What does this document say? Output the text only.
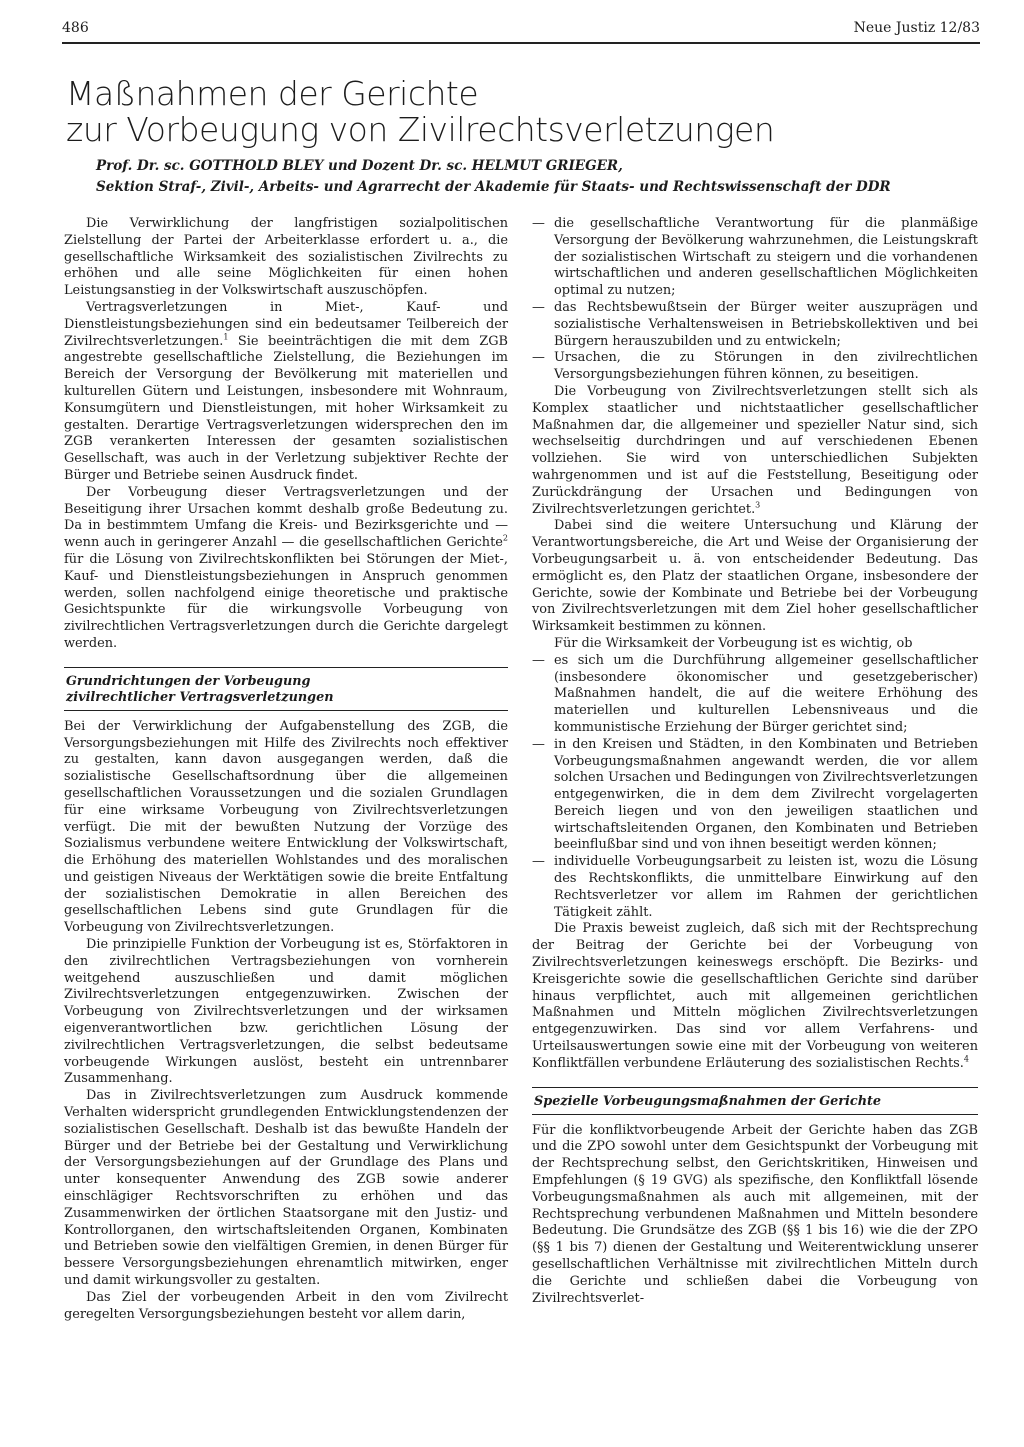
486	Neue Justiz 12/83
Maßnahmen der Gerichte
zur Vorbeugung von Zivilrechtsverletzungen
Prof. Dr. sc. GOTTHOLD BLEY und Dozent Dr. sc. HELMUT GRIEGER,
Sektion Straf-, Zivil-, Arbeits- und Agrarrecht der Akademie für Staats- und Rechtswissenschaft der DDR

Die Verwirklichung der langfristigen sozialpolitischen Zielstellung der Partei der Arbeiterklasse erfordert u. a., die gesellschaftliche Wirksamkeit des sozialistischen Zivilrechts zu erhöhen und alle seine Möglichkeiten für einen hohen Leistungsanstieg in der Volkswirtschaft auszuschöpfen.

Vertragsverletzungen in Miet-, Kauf- und Dienstleistungsbeziehungen sind ein bedeutsamer Teilbereich der Zivilrechtsverletzungen.$^1$ Sie beeinträchtigen die mit dem ZGB angestrebte gesellschaftliche Zielstellung, die Beziehungen im Bereich der Versorgung der Bevölkerung mit materiellen und kulturellen Gütern und Leistungen, insbesondere mit Wohnraum, Konsumgütern und Dienstleistungen, mit hoher Wirksamkeit zu gestalten. Derartige Vertragsverletzungen widersprechen den im ZGB verankerten Interessen der gesamten sozialistischen Gesellschaft, was auch in der Verletzung subjektiver Rechte der Bürger und Betriebe seinen Ausdruck findet.

Der Vorbeugung dieser Vertragsverletzungen und der Beseitigung ihrer Ursachen kommt deshalb große Bedeutung zu. Da in bestimmtem Umfang die Kreis- und Bezirksgerichte und — wenn auch in geringerer Anzahl — die gesellschaftlichen Gerichte$^2$ für die Lösung von Zivilrechtskonflikten bei Störungen der Miet-, Kauf- und Dienstleistungsbeziehungen in Anspruch genommen werden, sollen nachfolgend einige theoretische und praktische Gesichtspunkte für die wirkungsvolle Vorbeugung von zivilrechtlichen Vertragsverletzungen durch die Gerichte dargelegt werden.

Grundrichtungen der Vorbeugung
zivilrechtlicher Vertragsverletzungen

Bei der Verwirklichung der Aufgabenstellung des ZGB, die Versorgungsbeziehungen mit Hilfe des Zivilrechts noch effektiver zu gestalten, kann davon ausgegangen werden, daß die sozialistische Gesellschaftsordnung über die allgemeinen gesellschaftlichen Voraussetzungen und die sozialen Grundlagen für eine wirksame Vorbeugung von Zivilrechtsverletzungen verfügt. Die mit der bewußten Nutzung der Vorzüge des Sozialismus verbundene weitere Entwicklung der Volkswirtschaft, die Erhöhung des materiellen Wohlstandes und des moralischen und geistigen Niveaus der Werktätigen sowie die breite Entfaltung der sozialistischen Demokratie in allen Bereichen des gesellschaftlichen Lebens sind gute Grundlagen für die Vorbeugung von Zivilrechtsverletzungen.

Die prinzipielle Funktion der Vorbeugung ist es, Störfaktoren in den zivilrechtlichen Vertragsbeziehungen von vornherein weitgehend auszuschließen und damit möglichen Zivilrechtsverletzungen entgegenzuwirken. Zwischen der Vorbeugung von Zivilrechtsverletzungen und der wirksamen eigenverantwortlichen bzw. gerichtlichen Lösung der zivilrechtlichen Vertragsverletzungen, die selbst bedeutsame vorbeugende Wirkungen auslöst, besteht ein untrennbarer Zusammenhang.

Das in Zivilrechtsverletzungen zum Ausdruck kommende Verhalten widerspricht grundlegenden Entwicklungstendenzen der sozialistischen Gesellschaft. Deshalb ist das bewußte Handeln der Bürger und der Betriebe bei der Gestaltung und Verwirklichung der Versorgungsbeziehungen auf der Grundlage des Plans und unter konsequenter Anwendung des ZGB sowie anderer einschlägiger Rechtsvorschriften zu erhöhen und das Zusammenwirken der örtlichen Staatsorgane mit den Justiz- und Kontrollorganen, den wirtschaftsleitenden Organen, Kombinaten und Betrieben sowie den vielfältigen Gremien, in denen Bürger für bessere Versorgungsbeziehungen ehrenamtlich mitwirken, enger und damit wirkungsvoller zu gestalten.

Das Ziel der vorbeugenden Arbeit in den vom Zivilrecht geregelten Versorgungsbeziehungen besteht vor allem darin,

— die gesellschaftliche Verantwortung für die planmäßige Versorgung der Bevölkerung wahrzunehmen, die Leistungskraft der sozialistischen Wirtschaft zu steigern und die vorhandenen wirtschaftlichen und anderen gesellschaftlichen Möglichkeiten optimal zu nutzen;
— das Rechtsbewußtsein der Bürger weiter auszuprägen und sozialistische Verhaltensweisen in Betriebskollektiven und bei Bürgern herauszubilden und zu entwickeln;
— Ursachen, die zu Störungen in den zivilrechtlichen Versorgungsbeziehungen führen können, zu beseitigen.

Die Vorbeugung von Zivilrechtsverletzungen stellt sich als Komplex staatlicher und nichtstaatlicher gesellschaftlicher Maßnahmen dar, die allgemeiner und spezieller Natur sind, sich wechselseitig durchdringen und auf verschiedenen Ebenen vollziehen. Sie wird von unterschiedlichen Subjekten wahrgenommen und ist auf die Feststellung, Beseitigung oder Zurückdrängung der Ursachen und Bedingungen von Zivilrechtsverletzungen gerichtet.$^3$

Dabei sind die weitere Untersuchung und Klärung der Verantwortungsbereiche, die Art und Weise der Organisierung der Vorbeugungsarbeit u. ä. von entscheidender Bedeutung. Das ermöglicht es, den Platz der staatlichen Organe, insbesondere der Gerichte, sowie der Kombinate und Betriebe bei der Vorbeugung von Zivilrechtsverletzungen mit dem Ziel hoher gesellschaftlicher Wirksamkeit bestimmen zu können.

Für die Wirksamkeit der Vorbeugung ist es wichtig, ob

— es sich um die Durchführung allgemeiner gesellschaftlicher (insbesondere ökonomischer und gesetzgeberischer) Maßnahmen handelt, die auf die weitere Erhöhung des materiellen und kulturellen Lebensniveaus und die kommunistische Erziehung der Bürger gerichtet sind;
— in den Kreisen und Städten, in den Kombinaten und Betrieben Vorbeugungsmaßnahmen angewandt werden, die vor allem solchen Ursachen und Bedingungen von Zivilrechtsverletzungen entgegenwirken, die in dem dem Zivilrecht vorgelagerten Bereich liegen und von den jeweiligen staatlichen und wirtschaftsleitenden Organen, den Kombinaten und Betrieben beeinflußbar sind und von ihnen beseitigt werden können;
— individuelle Vorbeugungsarbeit zu leisten ist, wozu die Lösung des Rechtskonflikts, die unmittelbare Einwirkung auf den Rechtsverletzer vor allem im Rahmen der gerichtlichen Tätigkeit zählt.

Die Praxis beweist zugleich, daß sich mit der Rechtsprechung der Beitrag der Gerichte bei der Vorbeugung von Zivilrechtsverletzungen keineswegs erschöpft. Die Bezirks- und Kreisgerichte sowie die gesellschaftlichen Gerichte sind darüber hinaus verpflichtet, auch mit allgemeinen gerichtlichen Maßnahmen und Mitteln möglichen Zivilrechtsverletzungen entgegenzuwirken. Das sind vor allem Verfahrens- und Urteilsauswertungen sowie eine mit der Vorbeugung von weiteren Konfliktfällen verbundene Erläuterung des sozialistischen Rechts.$^4$

Spezielle Vorbeugungsmaßnahmen der Gerichte

Für die konfliktvorbeugende Arbeit der Gerichte haben das ZGB und die ZPO sowohl unter dem Gesichtspunkt der Vorbeugung mit der Rechtsprechung selbst, den Gerichtskritiken, Hinweisen und Empfehlungen (§ 19 GVG) als spezifische, den Konfliktfall lösende Vorbeugungsmaßnahmen als auch mit allgemeinen, mit der Rechtsprechung verbundenen Maßnahmen und Mitteln besondere Bedeutung. Die Grundsätze des ZGB (§§ 1 bis 16) wie die der ZPO (§§ 1 bis 7) dienen der Gestaltung und Weiterentwicklung unserer gesellschaftlichen Verhältnisse mit zivilrechtlichen Mitteln durch die Gerichte und schließen dabei die Vorbeugung von Zivilrechtsverlet-
